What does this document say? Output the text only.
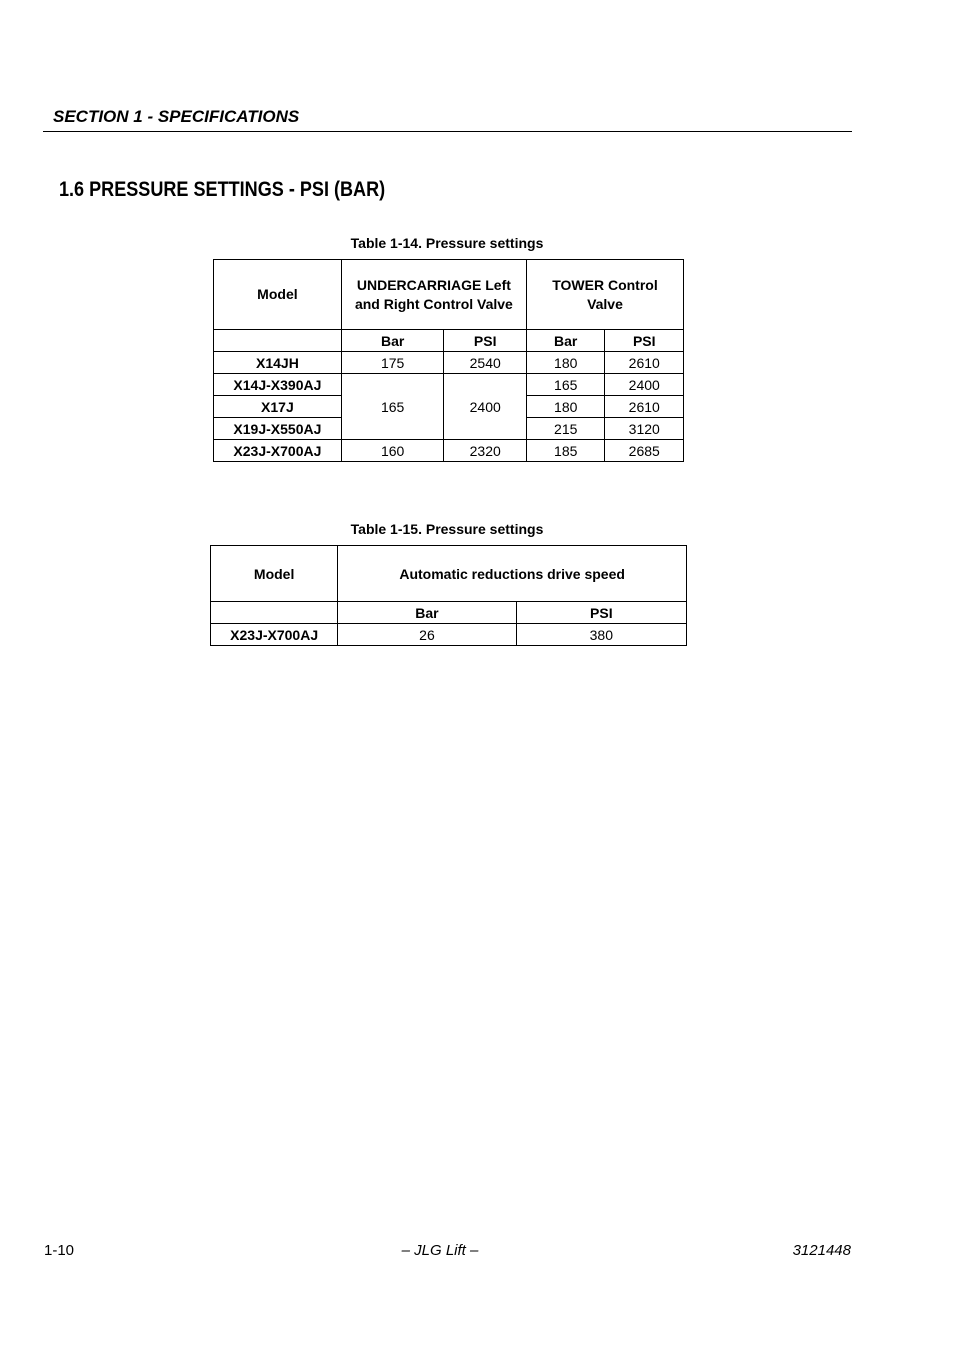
SECTION 1 - SPECIFICATIONS
1.6 PRESSURE SETTINGS - PSI (BAR)
Table 1-14. Pressure settings
Model	UNDERCARRIAGE Left and Right Control Valve		TOWER Control Valve	
	Bar	PSI	Bar	PSI
X14JH	175	2540	180	2610
X14J-X390AJ	165	2400	165	2400
X17J			180	2610
X19J-X550AJ			215	3120
X23J-X700AJ	160	2320	185	2685
Table 1-15. Pressure settings
Model	Automatic reductions drive speed	
	Bar	PSI
X23J-X700AJ	26	380
1-10	– JLG Lift –	3121448
